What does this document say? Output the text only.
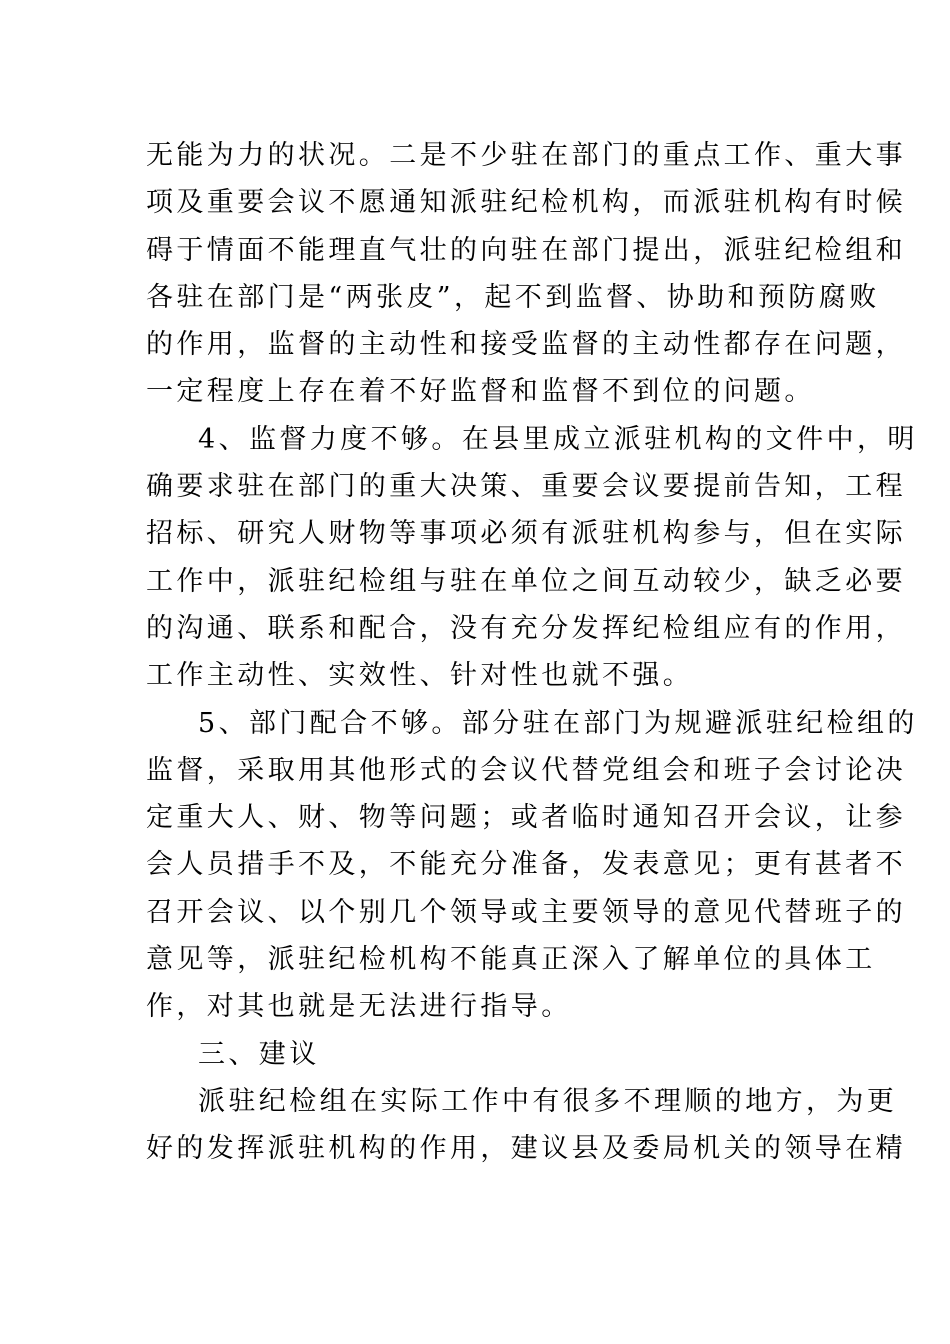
无能为力的状况。二是不少驻在部门的重点工作、重大事
项及重要会议不愿通知派驻纪检机构，而派驻机构有时候
碍于情面不能理直气壮的向驻在部门提出，派驻纪检组和
各驻在部门是“两张皮”，起不到监督、协助和预防腐败
的作用，监督的主动性和接受监督的主动性都存在问题，
一定程度上存在着不好监督和监督不到位的问题。
4、监督力度不够。在县里成立派驻机构的文件中，明
确要求驻在部门的重大决策、重要会议要提前告知，工程
招标、研究人财物等事项必须有派驻机构参与，但在实际
工作中，派驻纪检组与驻在单位之间互动较少，缺乏必要
的沟通、联系和配合，没有充分发挥纪检组应有的作用，
工作主动性、实效性、针对性也就不强。
5、部门配合不够。部分驻在部门为规避派驻纪检组的
监督，采取用其他形式的会议代替党组会和班子会讨论决
定重大人、财、物等问题；或者临时通知召开会议，让参
会人员措手不及，不能充分准备，发表意见；更有甚者不
召开会议、以个别几个领导或主要领导的意见代替班子的
意见等，派驻纪检机构不能真正深入了解单位的具体工
作，对其也就是无法进行指导。
三、建议
派驻纪检组在实际工作中有很多不理顺的地方，为更
好的发挥派驻机构的作用，建议县及委局机关的领导在精
